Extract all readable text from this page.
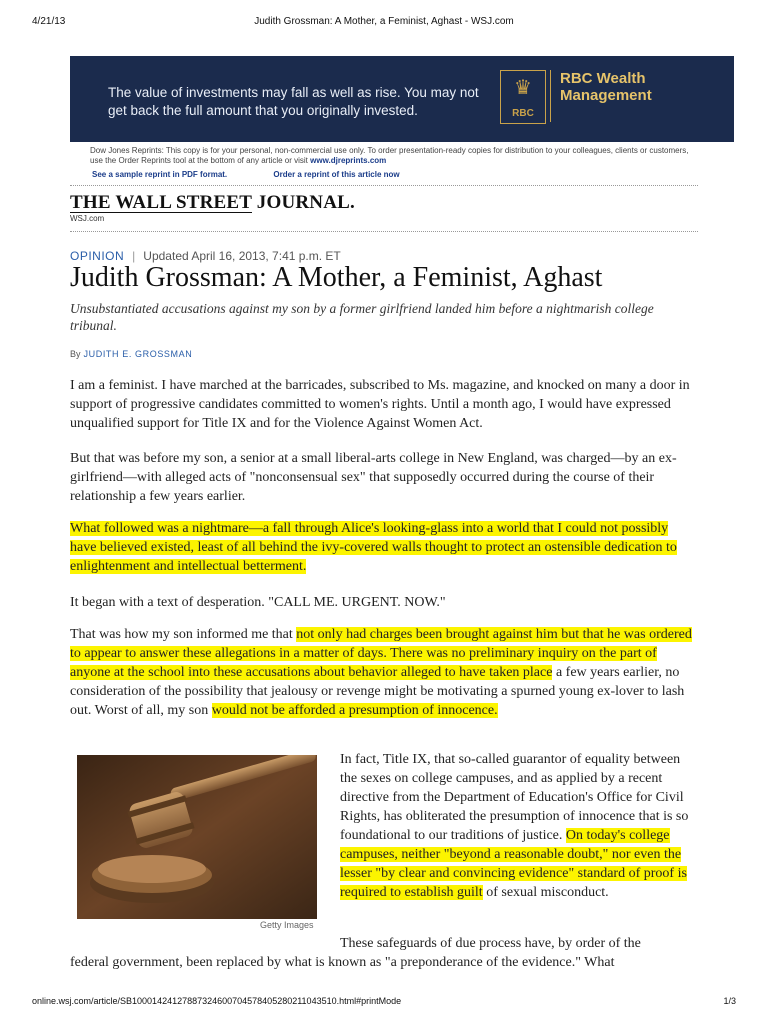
4/21/13	Judith Grossman: A Mother, a Feminist, Aghast - WSJ.com
The value of investments may fall as well as rise. You may not get back the full amount that you originally invested.
♛
RBC
RBC Wealth Management
Dow Jones Reprints: This copy is for your personal, non-commercial use only. To order presentation-ready copies for distribution to your colleagues, clients or customers, use the Order Reprints tool at the bottom of any article or visit www.djreprints.com
See a sample reprint in PDF format.	Order a reprint of this article now
THE WALL STREET JOURNAL.
WSJ.com
OPINION | Updated April 16, 2013, 7:41 p.m. ET
Judith Grossman: A Mother, a Feminist, Aghast
Unsubstantiated accusations against my son by a former girlfriend landed him before a nightmarish college tribunal.
By JUDITH E. GROSSMAN
I am a feminist. I have marched at the barricades, subscribed to Ms. magazine, and knocked on many a door in support of progressive candidates committed to women's rights. Until a month ago, I would have expressed unqualified support for Title IX and for the Violence Against Women Act.
But that was before my son, a senior at a small liberal-arts college in New England, was charged—by an ex-girlfriend—with alleged acts of "nonconsensual sex" that supposedly occurred during the course of their relationship a few years earlier.
What followed was a nightmare—a fall through Alice's looking-glass into a world that I could not possibly have believed existed, least of all behind the ivy-covered walls thought to protect an ostensible dedication to enlightenment and intellectual betterment.
It began with a text of desperation. "CALL ME. URGENT. NOW."
That was how my son informed me that not only had charges been brought against him but that he was ordered to appear to answer these allegations in a matter of days. There was no preliminary inquiry on the part of anyone at the school into these accusations about behavior alleged to have taken place a few years earlier, no consideration of the possibility that jealousy or revenge might be motivating a spurned young ex-lover to lash out. Worst of all, my son would not be afforded a presumption of innocence.
Getty Images
In fact, Title IX, that so-called guarantor of equality between the sexes on college campuses, and as applied by a recent directive from the Department of Education's Office for Civil Rights, has obliterated the presumption of innocence that is so foundational to our traditions of justice. On today's college campuses, neither "beyond a reasonable doubt," nor even the lesser "by clear and convincing evidence" standard of proof is required to establish guilt of sexual misconduct.
These safeguards of due process have, by order of the
federal government, been replaced by what is known as "a preponderance of the evidence." What
online.wsj.com/article/SB10001424127887324600704578405280211043510.html#printMode	1/3
